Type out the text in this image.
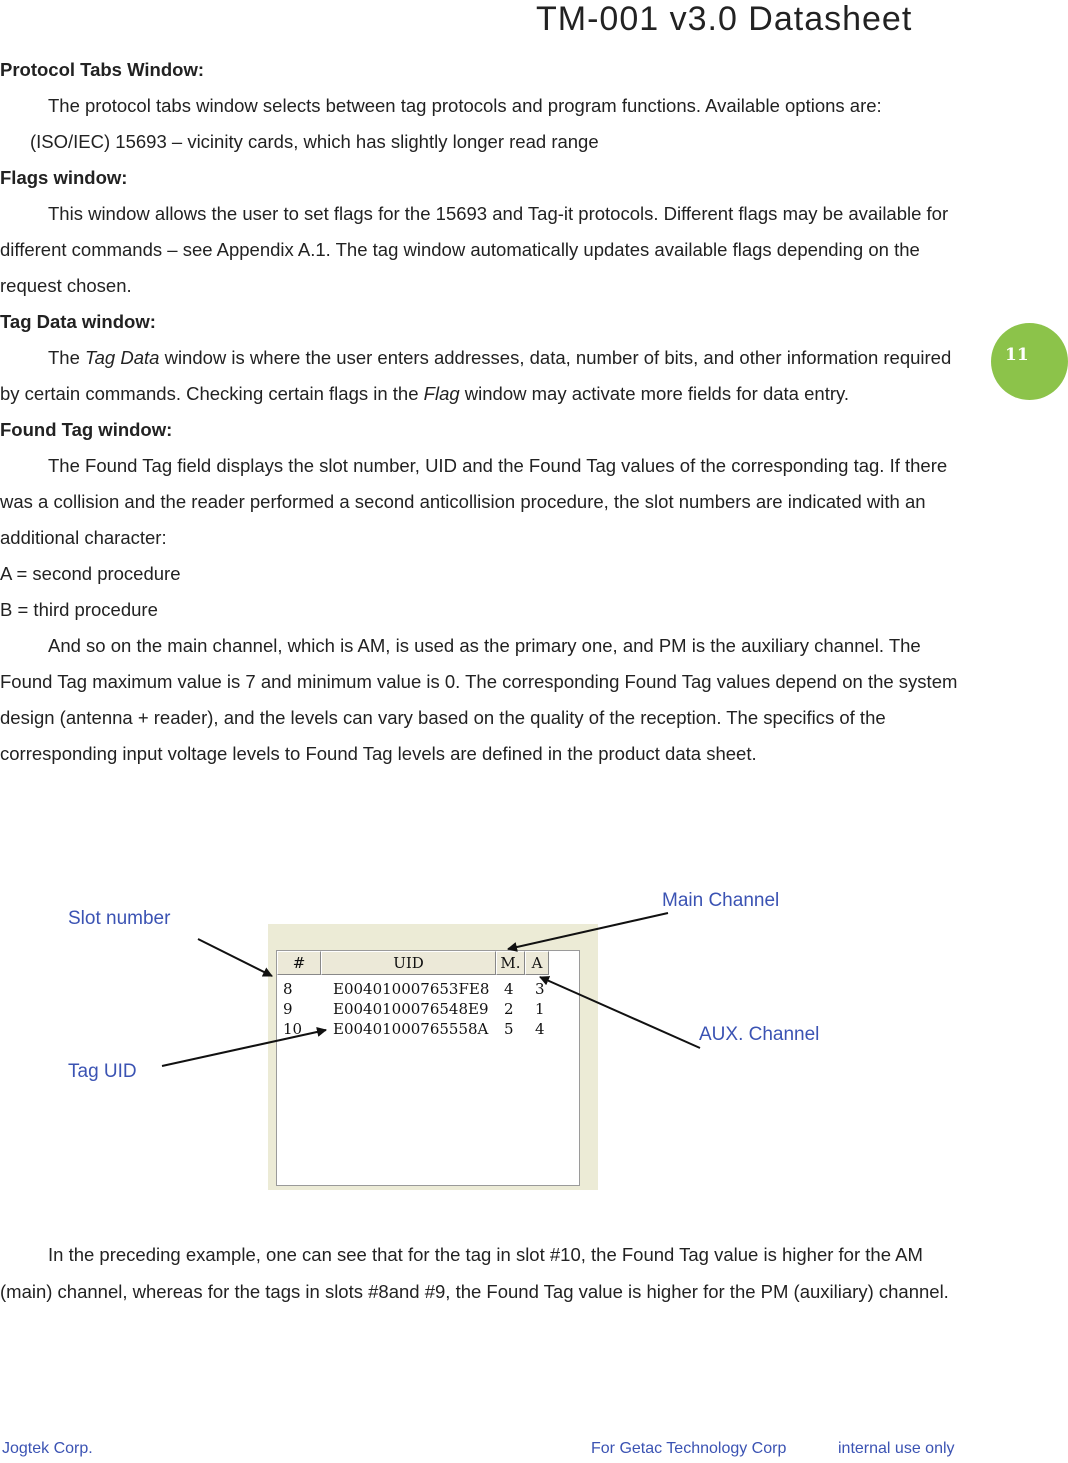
TM-001 v3.0 Datasheet
11

Protocol Tabs Window:

The protocol tabs window selects between tag protocols and program functions. Available options are:

(ISO/IEC) 15693 – vicinity cards, which has slightly longer read range

Flags window:

This window allows the user to set flags for the 15693 and Tag-it protocols. Different flags may be available for different commands – see Appendix A.1. The tag window automatically updates available flags depending on the request chosen.

Tag Data window:

The Tag Data window is where the user enters addresses, data, number of bits, and other information required by certain commands. Checking certain flags in the Flag window may activate more fields for data entry.

Found Tag window:

The Found Tag field displays the slot number, UID and the Found Tag values of the corresponding tag. If there was a collision and the reader performed a second anticollision procedure, the slot numbers are indicated with an additional character:

A = second procedure

B = third procedure

And so on the main channel, which is AM, is used as the primary one, and PM is the auxiliary channel. The Found Tag maximum value is 7 and minimum value is 0. The corresponding Found Tag values depend on the system design (antenna + reader), and the levels can vary based on the quality of the reception. The specifics of the corresponding input voltage levels to Found Tag levels are defined in the product data sheet.

#	UID	M. A
8	E004010007653FE8 4 3
9	E0040100076548E9 2 1
10 E00401000765558A 5 4
Slot number
Main Channel
AUX. Channel
Tag UID

In the preceding example, one can see that for the tag in slot #10, the Found Tag value is higher for the AM (main) channel, whereas for the tags in slots #8and #9, the Found Tag value is higher for the PM (auxiliary) channel.

Jogtek Corp.	For Getac Technology Corp	internal use only
